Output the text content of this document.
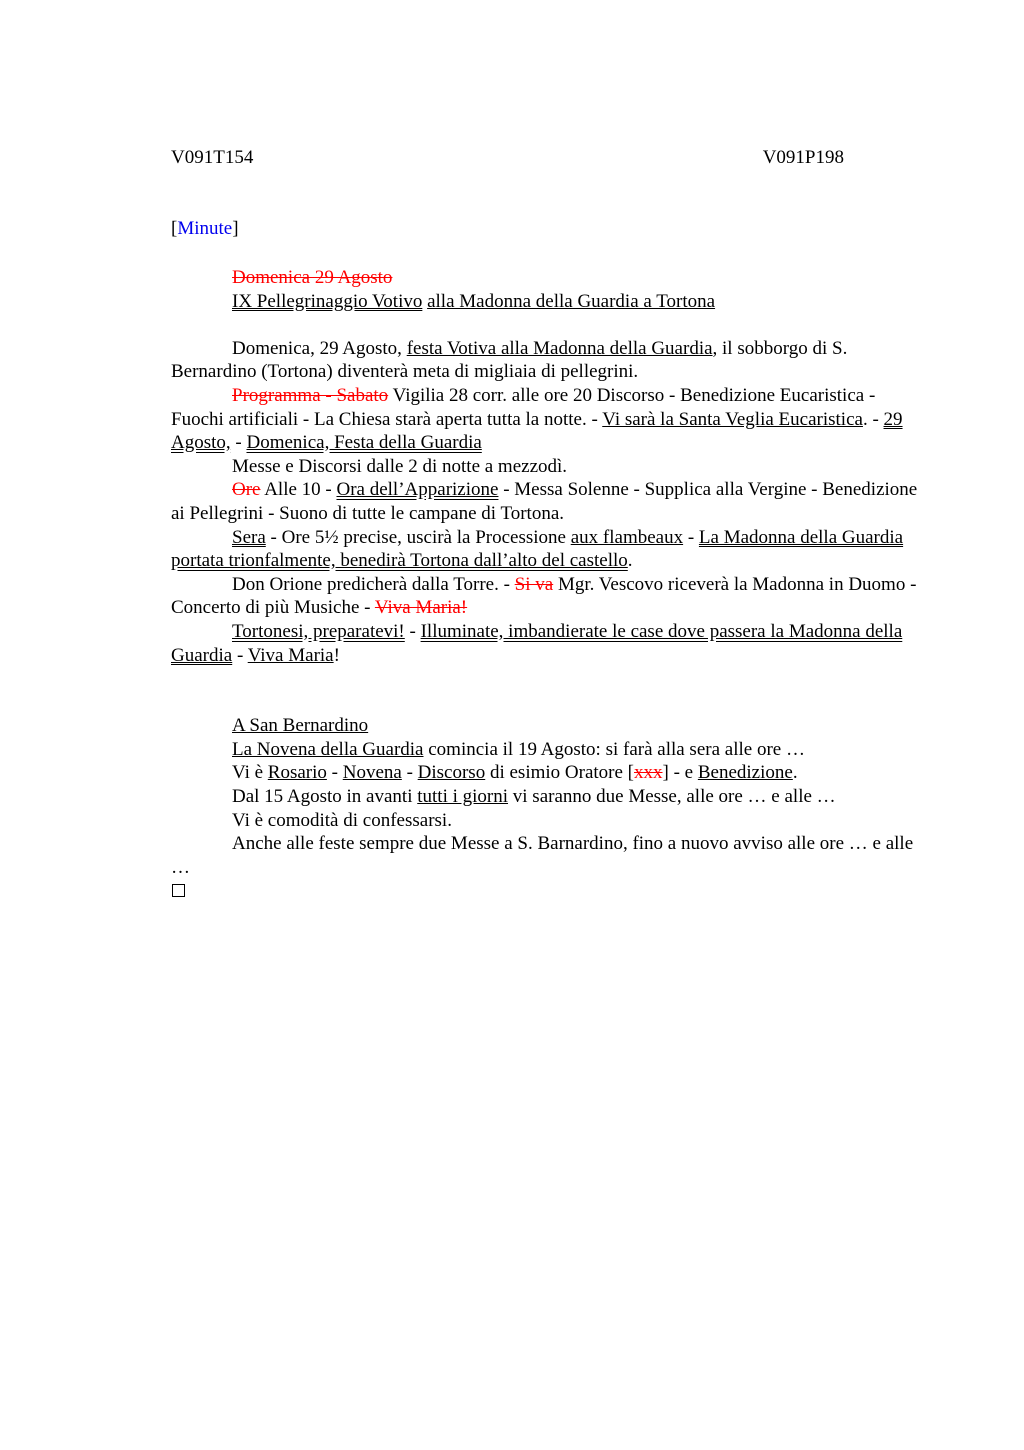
V091T154	V091P198
[Minute]

Domenica 29 Agosto

IX Pellegrinaggio Votivo alla Madonna della Guardia a Tortona

Domenica, 29 Agosto, festa Votiva alla Madonna della Guardia, il sobborgo di S. Bernardino (Tortona) diventerà meta di migliaia di pellegrini.

Programma - Sabato Vigilia 28 corr. alle ore 20 Discorso - Benedizione Eucaristica - Fuochi artificiali - La Chiesa starà aperta tutta la notte. - Vi sarà la Santa Veglia Eucaristica. - 29 Agosto, - Domenica, Festa della Guardia

Messe e Discorsi dalle 2 di notte a mezzodì.

Ore Alle 10 - Ora dell’Apparizione - Messa Solenne - Supplica alla Vergine - Benedizione ai Pellegrini - Suono di tutte le campane di Tortona.

Sera - Ore 5½ precise, uscirà la Processione aux flambeaux - La Madonna della Guardia portata trionfalmente, benedirà Tortona dall’alto del castello.

Don Orione predicherà dalla Torre. - Si va Mgr. Vescovo riceverà la Madonna in Duomo - Concerto di più Musiche - Viva Maria!

Tortonesi, preparatevi! - Illuminate, imbandierate le case dove passera la Madonna della Guardia - Viva Maria!

A San Bernardino

La Novena della Guardia comincia il 19 Agosto: si farà alla sera alle ore …

Vi è Rosario - Novena - Discorso di esimio Oratore [xxx] - e Benedizione.

Dal 15 Agosto in avanti tutti i giorni vi saranno due Messe, alle ore … e alle …

Vi è comodità di confessarsi.

Anche alle feste sempre due Messe a S. Barnardino, fino a nuovo avviso alle ore … e alle …
